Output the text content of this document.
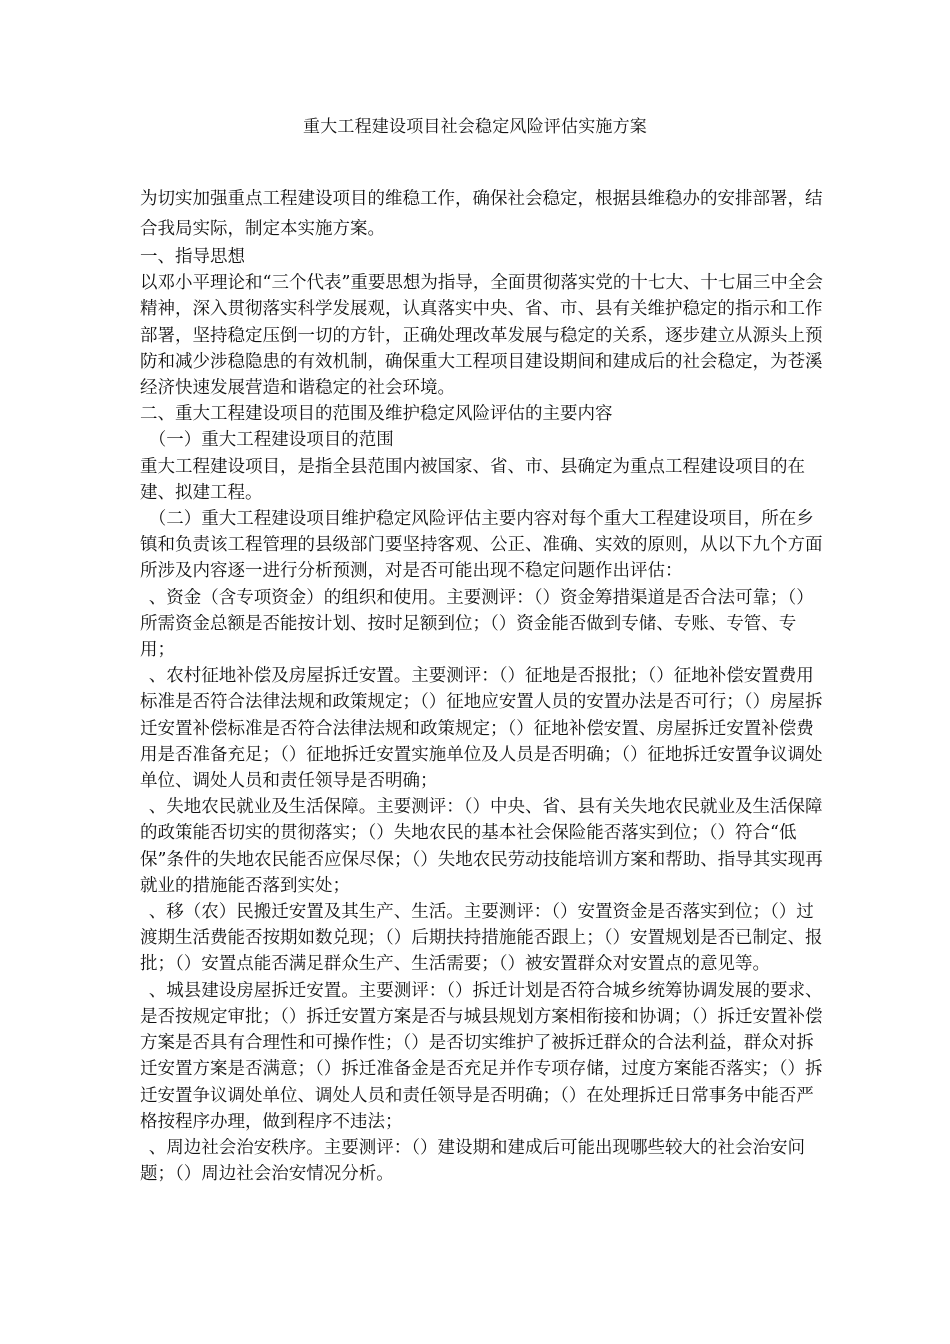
重大工程建设项目社会稳定风险评估实施方案

为切实加强重点工程建设项目的维稳工作，确保社会稳定，根据县维稳办的安排部署，结合我局实际，制定本实施方案。

一、指导思想

以邓小平理论和“三个代表”重要思想为指导，全面贯彻落实党的十七大、十七届三中全会精神，深入贯彻落实科学发展观，认真落实中央、省、市、县有关维护稳定的指示和工作部署，坚持稳定压倒一切的方针，正确处理改革发展与稳定的关系，逐步建立从源头上预防和减少涉稳隐患的有效机制，确保重大工程项目建设期间和建成后的社会稳定，为苍溪经济快速发展营造和谐稳定的社会环境。

二、重大工程建设项目的范围及维护稳定风险评估的主要内容

（一）重大工程建设项目的范围

重大工程建设项目，是指全县范围内被国家、省、市、县确定为重点工程建设项目的在建、拟建工程。

（二）重大工程建设项目维护稳定风险评估主要内容对每个重大工程建设项目，所在乡镇和负责该工程管理的县级部门要坚持客观、公正、准确、实效的原则，从以下九个方面所涉及内容逐一进行分析预测，对是否可能出现不稳定问题作出评估：

、资金（含专项资金）的组织和使用。主要测评：（）资金筹措渠道是否合法可靠；（）所需资金总额是否能按计划、按时足额到位；（）资金能否做到专储、专账、专管、专用；

、农村征地补偿及房屋拆迁安置。主要测评：（）征地是否报批；（）征地补偿安置费用标准是否符合法律法规和政策规定；（）征地应安置人员的安置办法是否可行；（）房屋拆迁安置补偿标准是否符合法律法规和政策规定；（）征地补偿安置、房屋拆迁安置补偿费用是否准备充足；（）征地拆迁安置实施单位及人员是否明确；（）征地拆迁安置争议调处单位、调处人员和责任领导是否明确；

、失地农民就业及生活保障。主要测评：（）中央、省、县有关失地农民就业及生活保障的政策能否切实的贯彻落实；（）失地农民的基本社会保险能否落实到位；（）符合“低保”条件的失地农民能否应保尽保；（）失地农民劳动技能培训方案和帮助、指导其实现再就业的措施能否落到实处；

、移（农）民搬迁安置及其生产、生活。主要测评：（）安置资金是否落实到位；（）过渡期生活费能否按期如数兑现；（）后期扶持措施能否跟上；（）安置规划是否已制定、报批；（）安置点能否满足群众生产、生活需要；（）被安置群众对安置点的意见等。

、城县建设房屋拆迁安置。主要测评：（）拆迁计划是否符合城乡统筹协调发展的要求、是否按规定审批；（）拆迁安置方案是否与城县规划方案相衔接和协调；（）拆迁安置补偿方案是否具有合理性和可操作性；（）是否切实维护了被拆迁群众的合法利益，群众对拆迁安置方案是否满意；（）拆迁准备金是否充足并作专项存储，过度方案能否落实；（）拆迁安置争议调处单位、调处人员和责任领导是否明确；（）在处理拆迁日常事务中能否严格按程序办理，做到程序不违法；

、周边社会治安秩序。主要测评：（）建设期和建成后可能出现哪些较大的社会治安问题；（）周边社会治安情况分析。
